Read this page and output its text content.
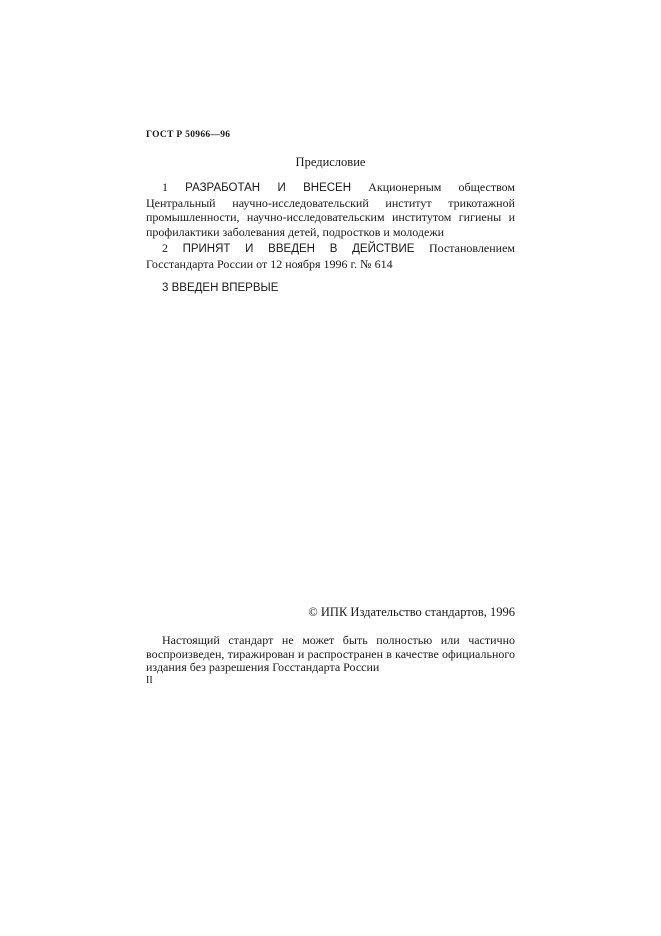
ГОСТ Р 50966—96
Предисловие
1 РАЗРАБОТАН И ВНЕСЕН Акционерным обществом Центральный научно-исследовательский институт трикотажной промышленности, научно-исследовательским институтом гигиены и профилактики заболевания детей, подростков и молодежи
2 ПРИНЯТ И ВВЕДЕН В ДЕЙСТВИЕ Постановлением Госстандарта России от 12 ноября 1996 г. № 614
3 ВВЕДЕН ВПЕРВЫЕ
© ИПК Издательство стандартов, 1996
Настоящий стандарт не может быть полностью или частично воспроизведен, тиражирован и распространен в качестве официального издания без разрешения Госстандарта России
II
